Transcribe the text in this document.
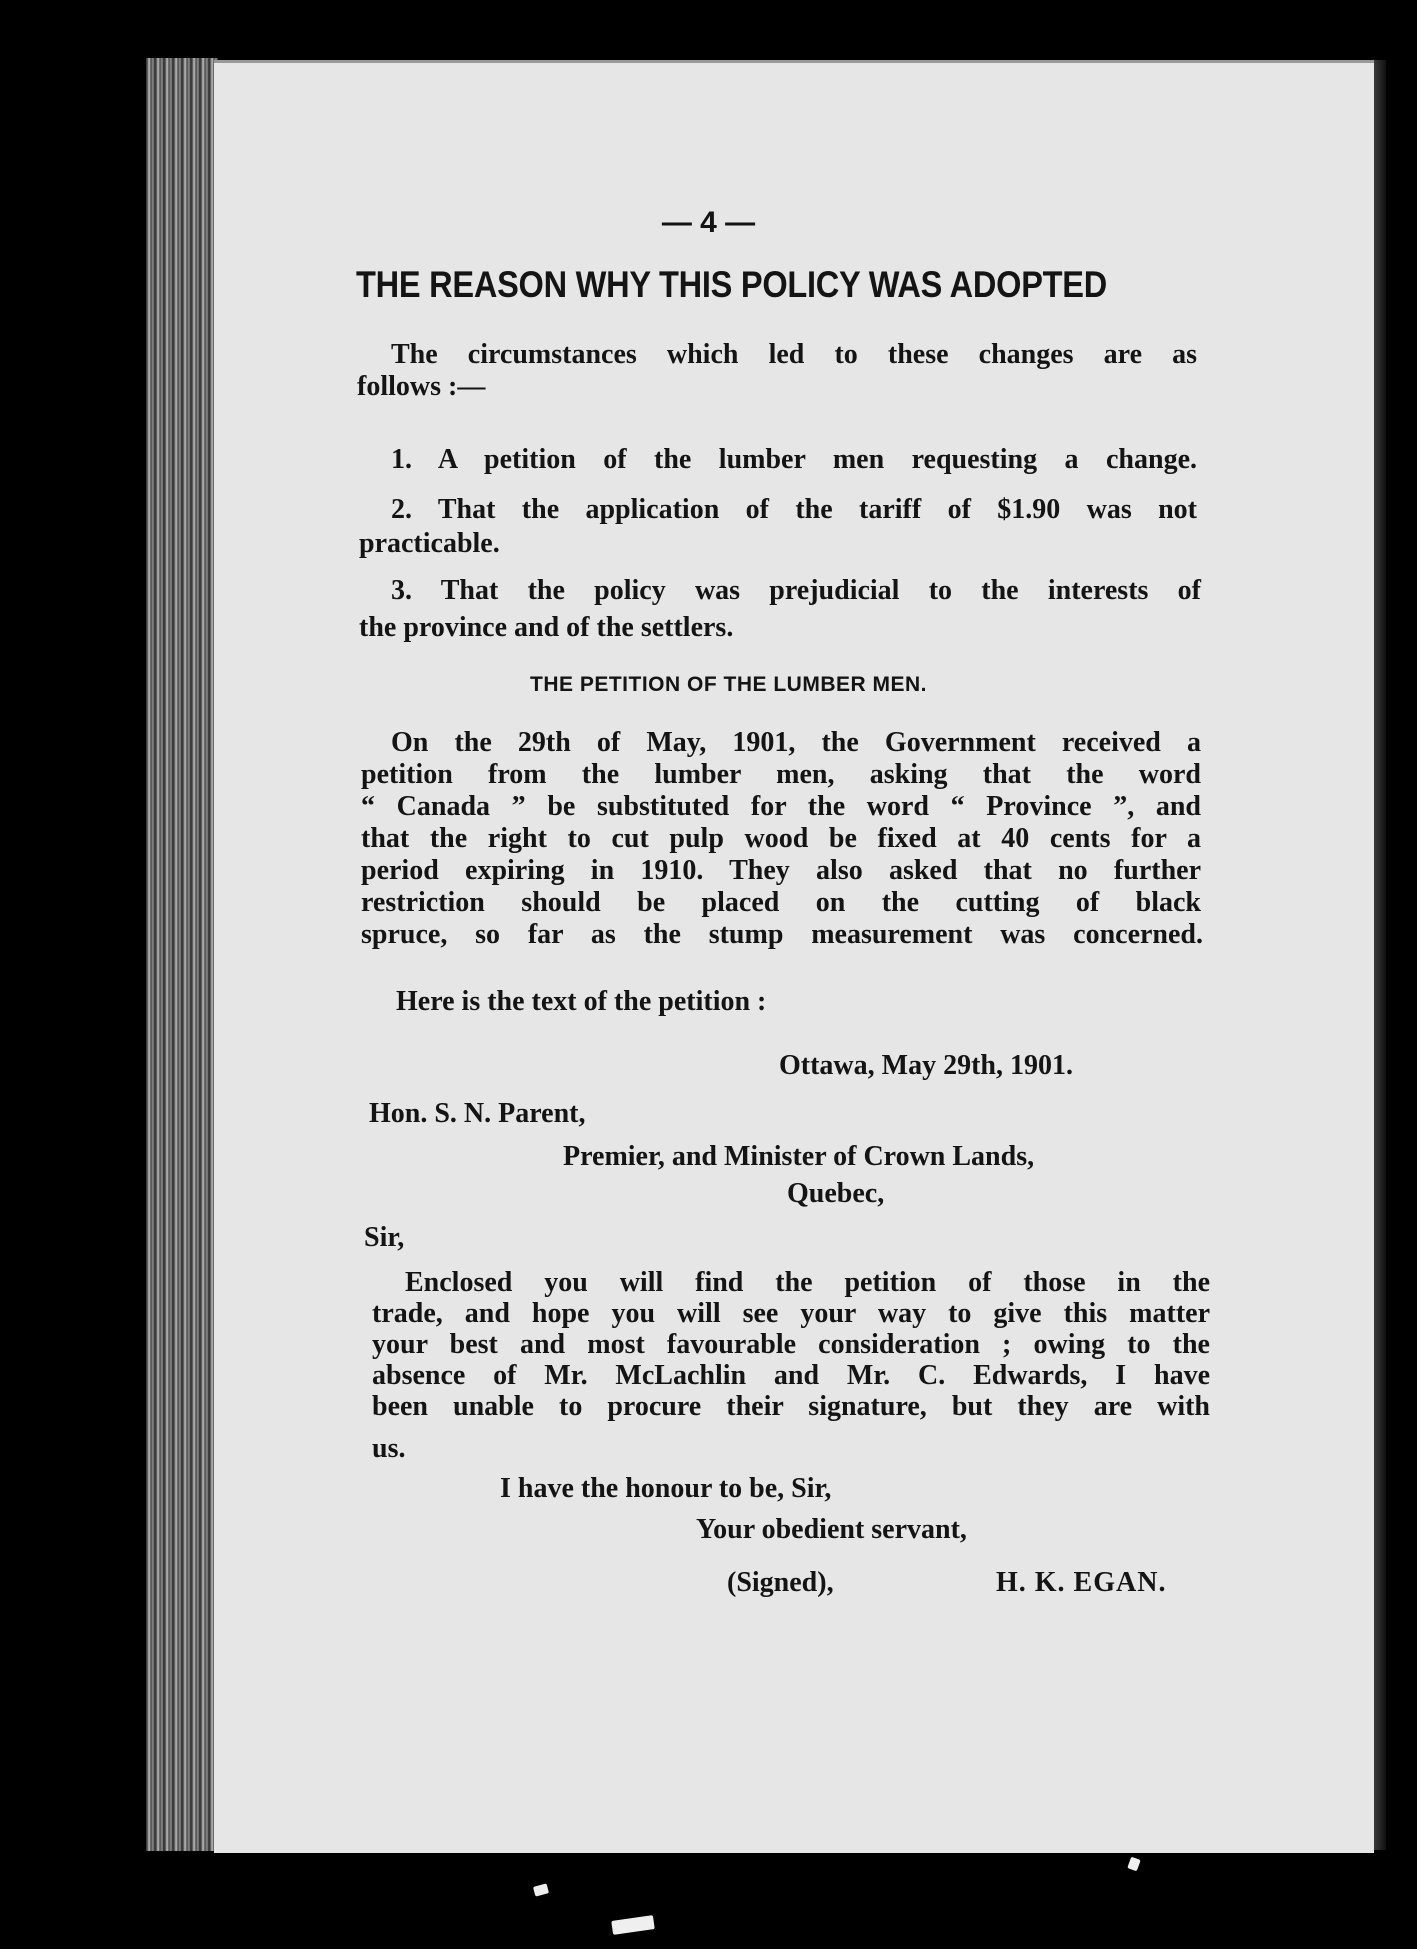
— 4 —
THE REASON WHY THIS POLICY WAS ADOPTED
The circumstances which led to these changes are as
follows :—
1. A petition of the lumber men requesting a change.
2. That the application of the tariff of $1.90 was not
practicable.
3. That the policy was prejudicial to the interests of
the province and of the settlers.
THE PETITION OF THE LUMBER MEN.
On the 29th of May, 1901, the Government received a
petition from the lumber men, asking that the word
“ Canada ” be substituted for the word “ Province ”, and
that the right to cut pulp wood be fixed at 40 cents for a
period expiring in 1910. They also asked that no further
restriction should be placed on the cutting of black
spruce, so far as the stump measurement was concerned.
Here is the text of the petition :
Ottawa, May 29th, 1901.
Hon. S. N. Parent,
Premier, and Minister of Crown Lands,
Quebec,
Sir,
Enclosed you will find the petition of those in the
trade, and hope you will see your way to give this matter
your best and most favourable consideration ; owing to the
absence of Mr. McLachlin and Mr. C. Edwards, I have
been unable to procure their signature, but they are with
us.
I have the honour to be, Sir,
Your obedient servant,
(Signed),	H. K. EGAN.
